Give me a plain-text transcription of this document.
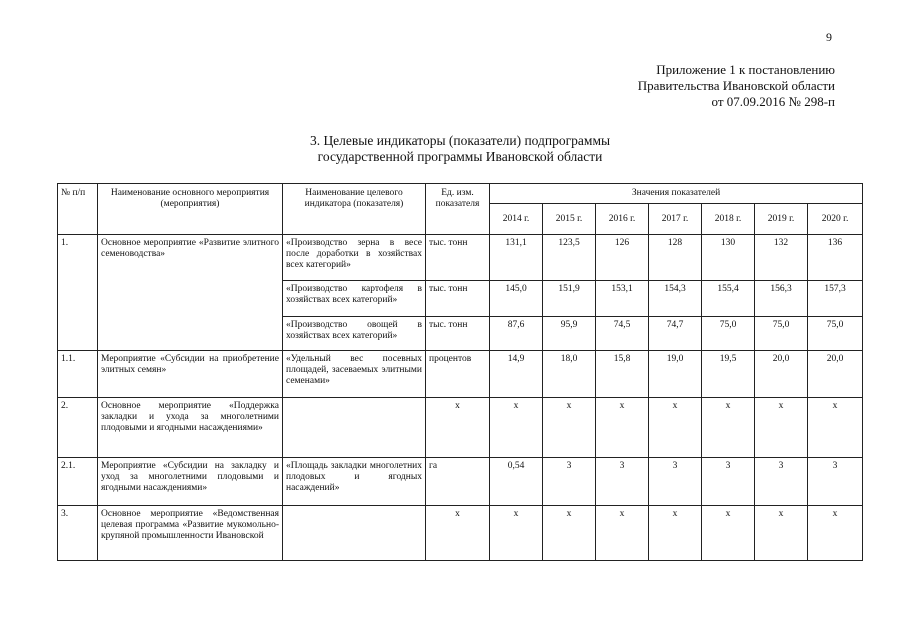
9
Приложение 1 к постановлению
Правительства Ивановской области
от 07.09.2016 № 298-п
3. Целевые индикаторы (показатели) подпрограммы
государственной программы Ивановской области
№ п/п	Наименование основного мероприятия (мероприятия)	Наименование целевого индикатора (показателя)	Ед. изм. показателя	Значения показателей						
				2014 г.	2015 г.	2016 г.	2017 г.	2018 г.	2019 г.	2020 г.
1.	Основное мероприятие «Развитие элитного семеноводства»	«Производство зерна в весе после доработки в хозяйствах всех категорий»	тыс. тонн	131,1	123,5	126	128	130	132	136
		«Производство картофеля в хозяйствах всех категорий»	тыс. тонн	145,0	151,9	153,1	154,3	155,4	156,3	157,3
		«Производство овощей в хозяйствах всех категорий»	тыс. тонн	87,6	95,9	74,5	74,7	75,0	75,0	75,0
1.1.	Мероприятие «Субсидии на приобретение элитных семян»	«Удельный вес посевных площадей, засеваемых элитными семенами»	процентов	14,9	18,0	15,8	19,0	19,5	20,0	20,0
2.	Основное мероприятие «Поддержка закладки и ухода за многолетними плодовыми и ягодными насаждениями»		х	х	х	х	х	х	х	х
2.1.	Мероприятие «Субсидии на закладку и уход за многолетними плодовыми и ягодными насаждениями»	«Площадь закладки многолетних плодовых и ягодных насаждений»	га	0,54	3	3	3	3	3	3
3.	Основное мероприятие «Ведомственная целевая программа «Развитие мукомольно-крупяной промышленности Ивановской		х	х	х	х	х	х	х	х
